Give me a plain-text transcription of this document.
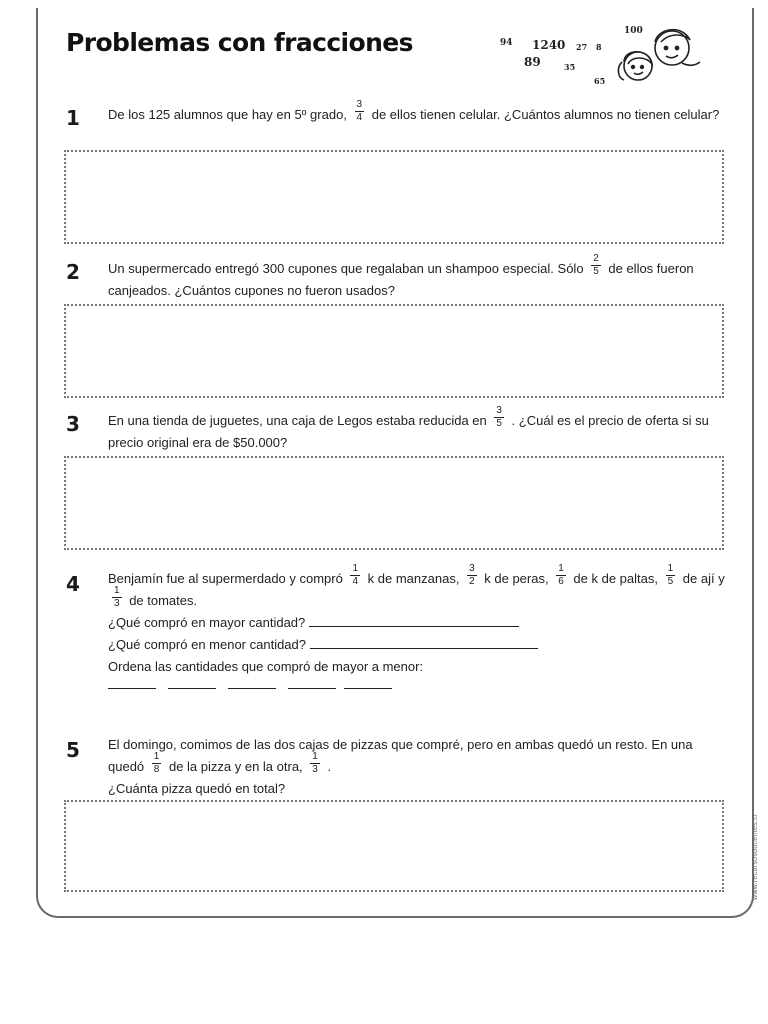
Problemas con fracciones	94 1240 27 8
89	35
65
100
1	De los 125 alumnos que hay en 5º grado, $\frac{3}{4}$ de ellos tienen celular. ¿Cuántos alumnos no tienen celular?
2	Un supermercado entregó 300 cupones que regalaban un shampoo especial. Sólo $\frac{2}{5}$ de ellos fueron canjeados. ¿Cuántos cupones no fueron usados?
3	En una tienda de juguetes, una caja de Legos estaba reducida en $\frac{3}{5}$ . ¿Cuál es el precio de oferta si su precio original era de $50.000?
4	Benjamín fue al supermerdado y compró $\frac{1}{4}$ k de manzanas, $\frac{3}{2}$ k de peras, $\frac{1}{6}$ de k de paltas, $\frac{1}{5}$ de ají y
$\frac{1}{3}$ de tomates.
¿Qué compró en mayor cantidad?
¿Qué compró en menor cantidad?
Ordena las cantidades que compró de mayor a menor:
5	El domingo, comimos de las dos cajas de pizzas que compré, pero en ambas quedó un resto. En una quedó $\frac{1}{8}$ de la pizza y en la otra, $\frac{1}{3}$ .
¿Cuánta pizza quedó en total?
www.recursosdocentes.cl
